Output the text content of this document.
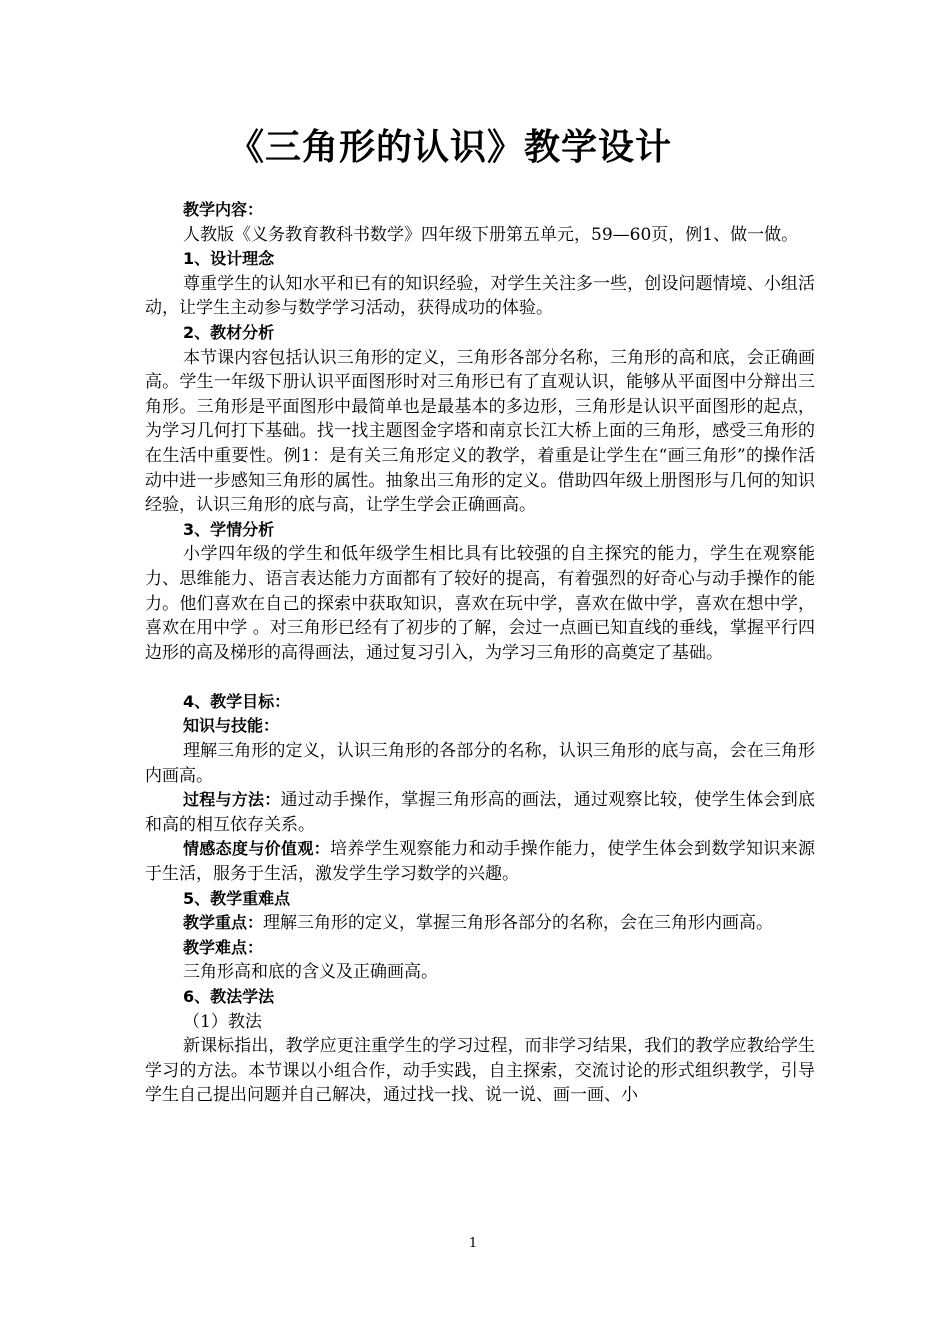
《三角形的认识》教学设计

教学内容：

人教版《义务教育教科书数学》四年级下册第五单元，59—60页，例1、做一做。

1、设计理念

尊重学生的认知水平和已有的知识经验，对学生关注多一些，创设问题情境、小组活动，让学生主动参与数学学习活动，获得成功的体验。

2、教材分析

本节课内容包括认识三角形的定义，三角形各部分名称，三角形的高和底，会正确画高。学生一年级下册认识平面图形时对三角形已有了直观认识，能够从平面图中分辩出三角形。三角形是平面图形中最简单也是最基本的多边形，三角形是认识平面图形的起点，为学习几何打下基础。找一找主题图金字塔和南京长江大桥上面的三角形，感受三角形的在生活中重要性。例1：是有关三角形定义的教学，着重是让学生在“画三角形”的操作活动中进一步感知三角形的属性。抽象出三角形的定义。借助四年级上册图形与几何的知识经验，认识三角形的底与高，让学生学会正确画高。

3、学情分析

小学四年级的学生和低年级学生相比具有比较强的自主探究的能力，学生在观察能力、思维能力、语言表达能力方面都有了较好的提高，有着强烈的好奇心与动手操作的能力。他们喜欢在自己的探索中获取知识，喜欢在玩中学，喜欢在做中学，喜欢在想中学，喜欢在用中学 。对三角形已经有了初步的了解，会过一点画已知直线的垂线，掌握平行四边形的高及梯形的高得画法，通过复习引入，为学习三角形的高奠定了基础。

4、教学目标：

知识与技能：

理解三角形的定义，认识三角形的各部分的名称，认识三角形的底与高，会在三角形内画高。

过程与方法：通过动手操作，掌握三角形高的画法，通过观察比较，使学生体会到底和高的相互依存关系。

情感态度与价值观：培养学生观察能力和动手操作能力，使学生体会到数学知识来源于生活，服务于生活，激发学生学习数学的兴趣。

5、教学重难点

教学重点：理解三角形的定义，掌握三角形各部分的名称，会在三角形内画高。

教学难点：

三角形高和底的含义及正确画高。

6、教法学法

（1）教法

新课标指出，教学应更注重学生的学习过程，而非学习结果，我们的教学应教给学生学习的方法。本节课以小组合作，动手实践，自主探索，交流讨论的形式组织教学，引导学生自己提出问题并自己解决，通过找一找、说一说、画一画、小

1
